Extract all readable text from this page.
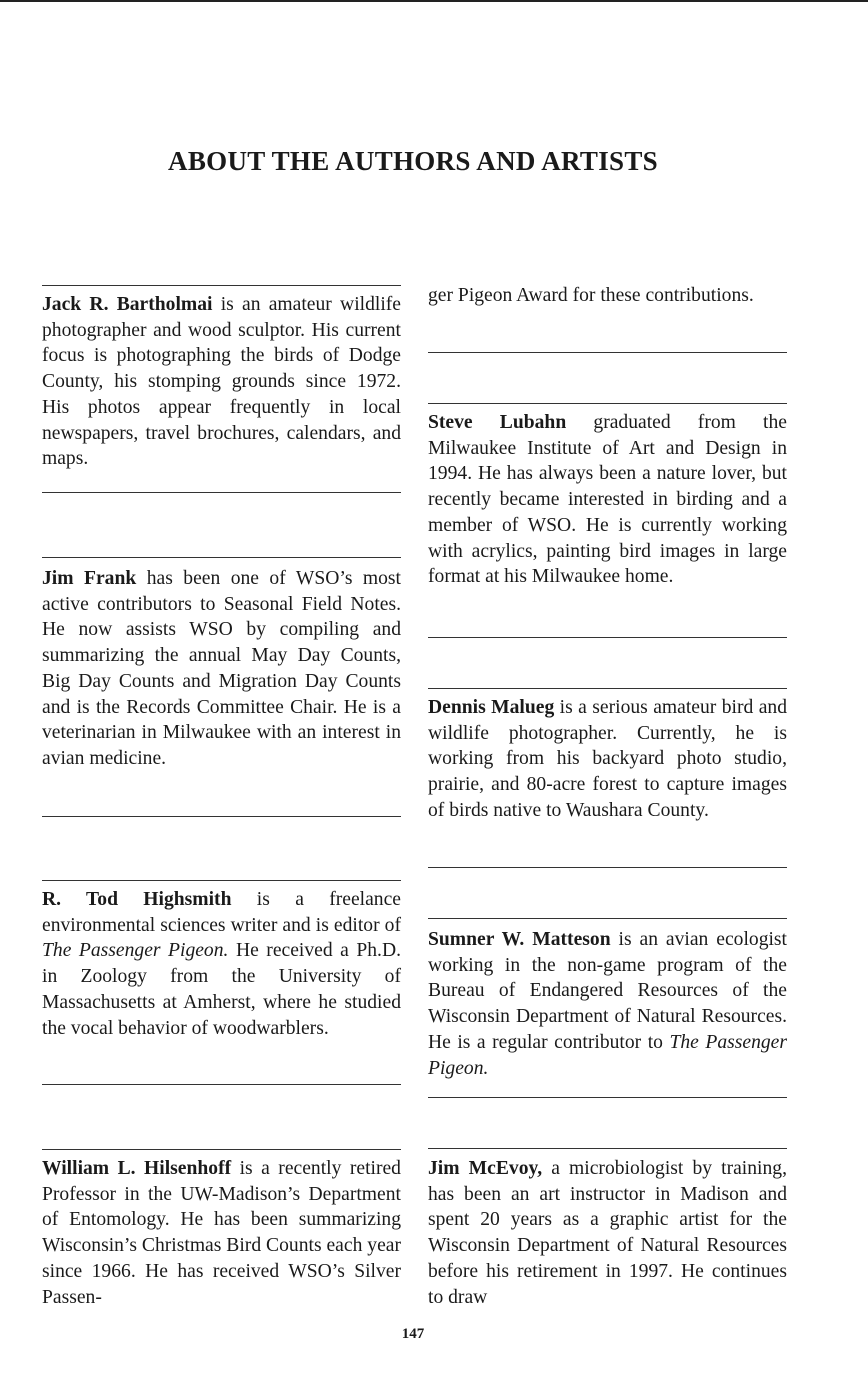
ABOUT THE AUTHORS AND ARTISTS
Jack R. Bartholmai is an amateur wildlife photographer and wood sculptor. His current focus is photographing the birds of Dodge County, his stomping grounds since 1972. His photos appear frequently in local newspapers, travel brochures, calendars, and maps.
Jim Frank has been one of WSO’s most active contributors to Seasonal Field Notes. He now assists WSO by compiling and summarizing the annual May Day Counts, Big Day Counts and Migration Day Counts and is the Records Committee Chair. He is a veterinarian in Milwaukee with an interest in avian medicine.
R. Tod Highsmith is a freelance environmental sciences writer and is editor of The Passenger Pigeon. He received a Ph.D. in Zoology from the University of Massachusetts at Amherst, where he studied the vocal behavior of woodwarblers.
William L. Hilsenhoff is a recently retired Professor in the UW-Madison’s Department of Entomology. He has been summarizing Wisconsin’s Christmas Bird Counts each year since 1966. He has received WSO’s Silver Passen-
ger Pigeon Award for these contributions.
Steve Lubahn graduated from the Milwaukee Institute of Art and Design in 1994. He has always been a nature lover, but recently became interested in birding and a member of WSO. He is currently working with acrylics, painting bird images in large format at his Milwaukee home.
Dennis Malueg is a serious amateur bird and wildlife photographer. Currently, he is working from his backyard photo studio, prairie, and 80-acre forest to capture images of birds native to Waushara County.
Sumner W. Matteson is an avian ecologist working in the non-game program of the Bureau of Endangered Resources of the Wisconsin Department of Natural Resources. He is a regular contributor to The Passenger Pigeon.
Jim McEvoy, a microbiologist by training, has been an art instructor in Madison and spent 20 years as a graphic artist for the Wisconsin Department of Natural Resources before his retirement in 1997. He continues to draw
147
